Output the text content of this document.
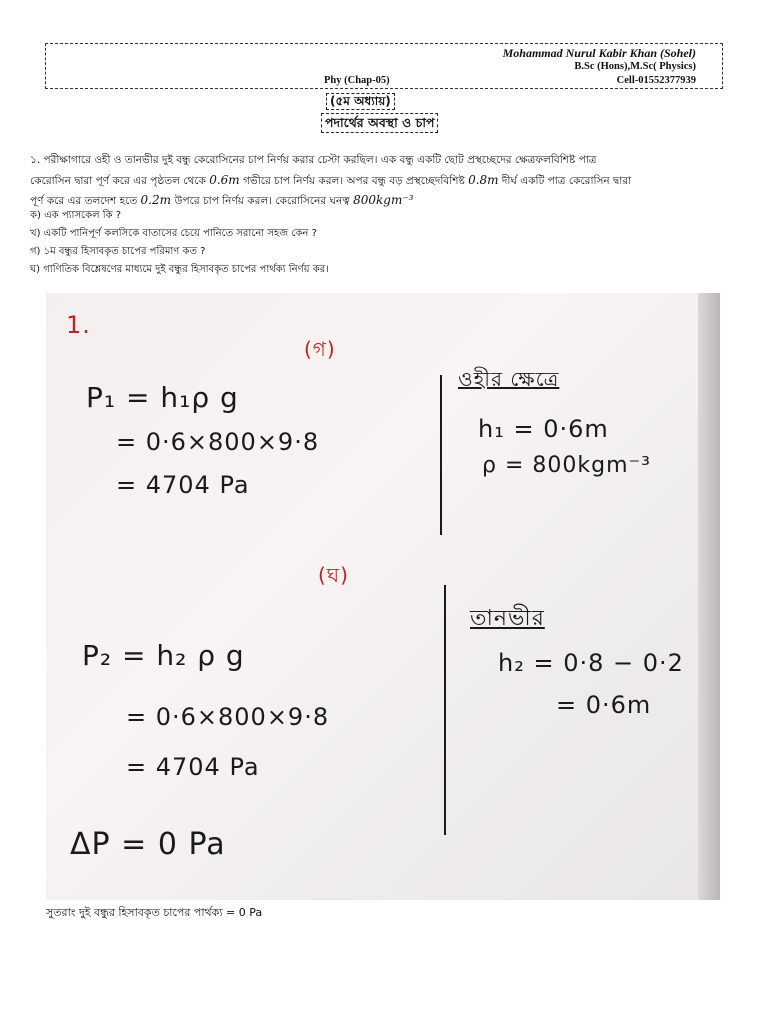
Mohammad Nurul Kabir Khan (Sohel)
B.Sc (Hons),M.Sc( Physics)
Phy (Chap-05)	Cell-01552377939
(৫ম অধ্যায়)
পদার্থের অবস্থা ও চাপ
১. পরীক্ষাগারে ওহী ও তানভীর দুই বন্ধু কেরোসিনের চাপ নির্ণয় করার চেস্টা করছিল। এক বন্ধু একটি ছোট প্রস্থচ্ছেদের ক্ষেত্রফলবিশিষ্ট পাত্র
কেরোসিন দ্বারা পূর্ণ করে এর পৃষ্ঠতল থেকে 0.6m গভীরে চাপ নির্ণয় করল। অপর বন্ধু বড় প্রস্থচ্ছেদবিশিষ্ট 0.8m দীর্ঘ একটি পাত্র কেরোসিন দ্বারা
পূর্ণ করে এর তলদেশ হতে 0.2m উপরে চাপ নির্ণয় করল। কেরোসিনের ঘনত্ব 800kgm⁻³
ক) এক প্যাসকেল কি ?
খ) একটি পানিপূর্ণ কলসিকে বাতাসের চেয়ে পানিতে সরানো সহজ কেন ?
গ) ১ম বন্ধুর হিসাবকৃত চাপের পরিমাণ কত ?
ঘ) গাণিতিক বিশ্লেষণের মাধ্যমে দুই বন্ধুর হিসাবকৃত চাপের পার্থক্য নির্ণয় কর।
1.
(গ)
P₁ = h₁ρ g
= 0·6×800×9·8
= 4704 Pa
ওহীর ক্ষেত্রে
h₁ = 0·6m
ρ = 800kgm⁻³
(ঘ)
P₂ = h₂ ρ g
= 0·6×800×9·8
= 4704 Pa
তানভীর
h₂ = 0·8 − 0·2
= 0·6m
ΔP = 0 Pa
সুতরাং দুই বন্ধুর হিসাবকৃত চাপের পার্থক্য = 0 Pa
